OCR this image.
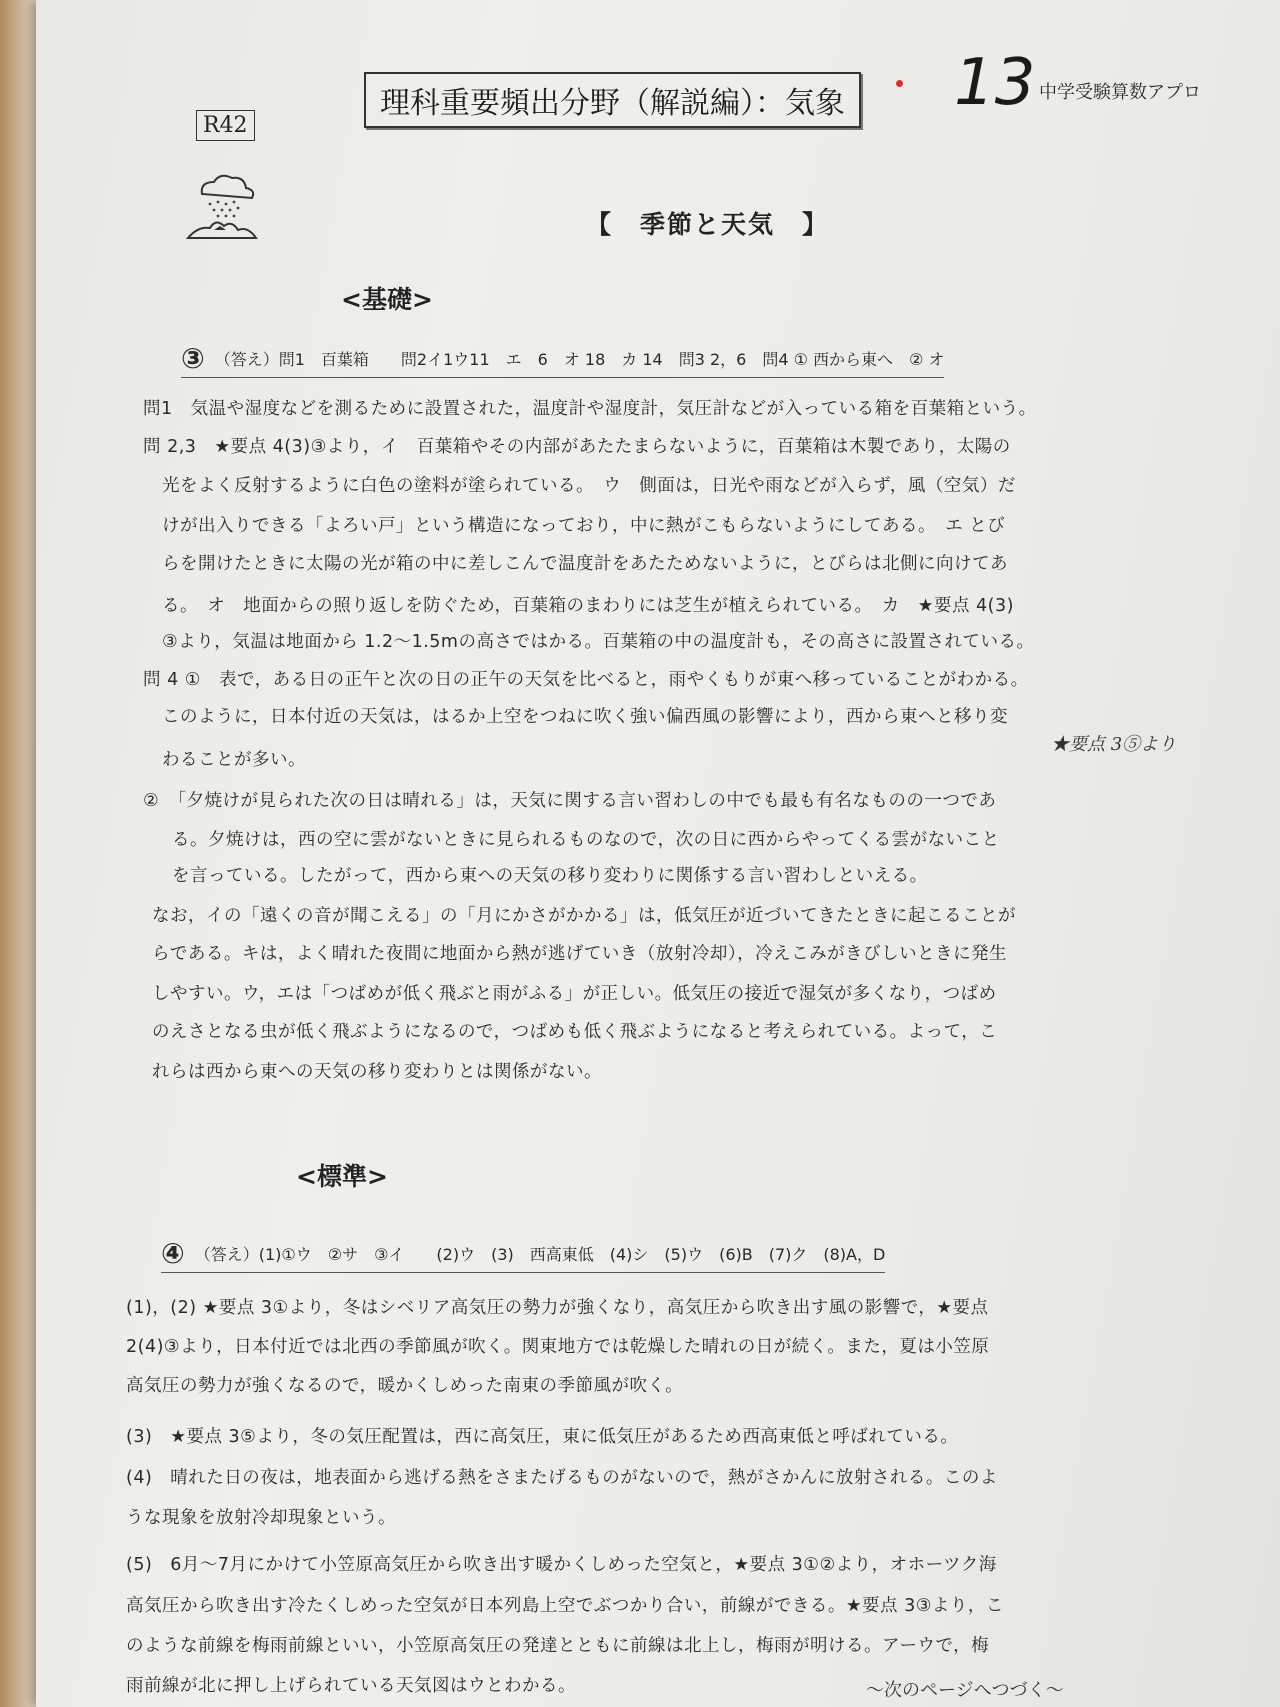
R42
理科重要頻出分野（解説編）：気象 13 中学受験算数アプロ
【　季節と天気　】
<基礎>
③ （答え）問1　百葉箱　　問2イ1ウ11　エ　6　オ 18　カ 14　問3 2，6　問4 ① 西から東へ　② オ
問1　気温や湿度などを測るために設置された，温度計や湿度計，気圧計などが入っている箱を百葉箱という。
問 2,3　★要点 4(3)③より，イ　百葉箱やその内部があたたまらないように，百葉箱は木製であり，太陽の
光をよく反射するように白色の塗料が塗られている。　ウ　側面は，日光や雨などが入らず，風（空気）だ
けが出入りできる「よろい戸」という構造になっており，中に熱がこもらないようにしてある。　エ とび
らを開けたときに太陽の光が箱の中に差しこんで温度計をあたためないように，とびらは北側に向けてあ
る。　オ　地面からの照り返しを防ぐため，百葉箱のまわりには芝生が植えられている。　カ　★要点 4(3)
③より，気温は地面から 1.2～1.5mの高さではかる。百葉箱の中の温度計も，その高さに設置されている。
問 4 ①　表で，ある日の正午と次の日の正午の天気を比べると，雨やくもりが東へ移っていることがわかる。
このように，日本付近の天気は，はるか上空をつねに吹く強い偏西風の影響により，西から東へと移り変
わることが多い。
★要点 3⑤より
②　「夕焼けが見られた次の日は晴れる」は，天気に関する言い習わしの中でも最も有名なものの一つであ
る。夕焼けは，西の空に雲がないときに見られるものなので，次の日に西からやってくる雲がないこと
を言っている。したがって，西から東への天気の移り変わりに関係する言い習わしといえる。
なお，イの「遠くの音が聞こえる」の「月にかさがかかる」は，低気圧が近づいてきたときに起こることが
らである。キは，よく晴れた夜間に地面から熱が逃げていき（放射冷却），冷えこみがきびしいときに発生
しやすい。ウ，エは「つばめが低く飛ぶと雨がふる」が正しい。低気圧の接近で湿気が多くなり，つばめ
のえさとなる虫が低く飛ぶようになるので，つばめも低く飛ぶようになると考えられている。よって，こ
れらは西から東への天気の移り変わりとは関係がない。
<標準>
④ （答え）(1)①ウ　②サ　③イ　　(2)ウ　(3)　西高東低　(4)シ　(5)ウ　(6)B　(7)ク　(8)A，D
(1)，(2) ★要点 3①より，冬はシベリア高気圧の勢力が強くなり，高気圧から吹き出す風の影響で，★要点
2(4)③より，日本付近では北西の季節風が吹く。関東地方では乾燥した晴れの日が続く。また，夏は小笠原
高気圧の勢力が強くなるので，暖かくしめった南東の季節風が吹く。
(3)　★要点 3⑤より，冬の気圧配置は，西に高気圧，東に低気圧があるため西高東低と呼ばれている。
(4)　晴れた日の夜は，地表面から逃げる熱をさまたげるものがないので，熱がさかんに放射される。このよ
うな現象を放射冷却現象という。
(5)　6月～7月にかけて小笠原高気圧から吹き出す暖かくしめった空気と，★要点 3①②より，オホーツク海
高気圧から吹き出す冷たくしめった空気が日本列島上空でぶつかり合い，前線ができる。★要点 3③より，こ
のような前線を梅雨前線といい，小笠原高気圧の発達とともに前線は北上し，梅雨が明ける。アーウで，梅
雨前線が北に押し上げられている天気図はウとわかる。	～次のページへつづく～
